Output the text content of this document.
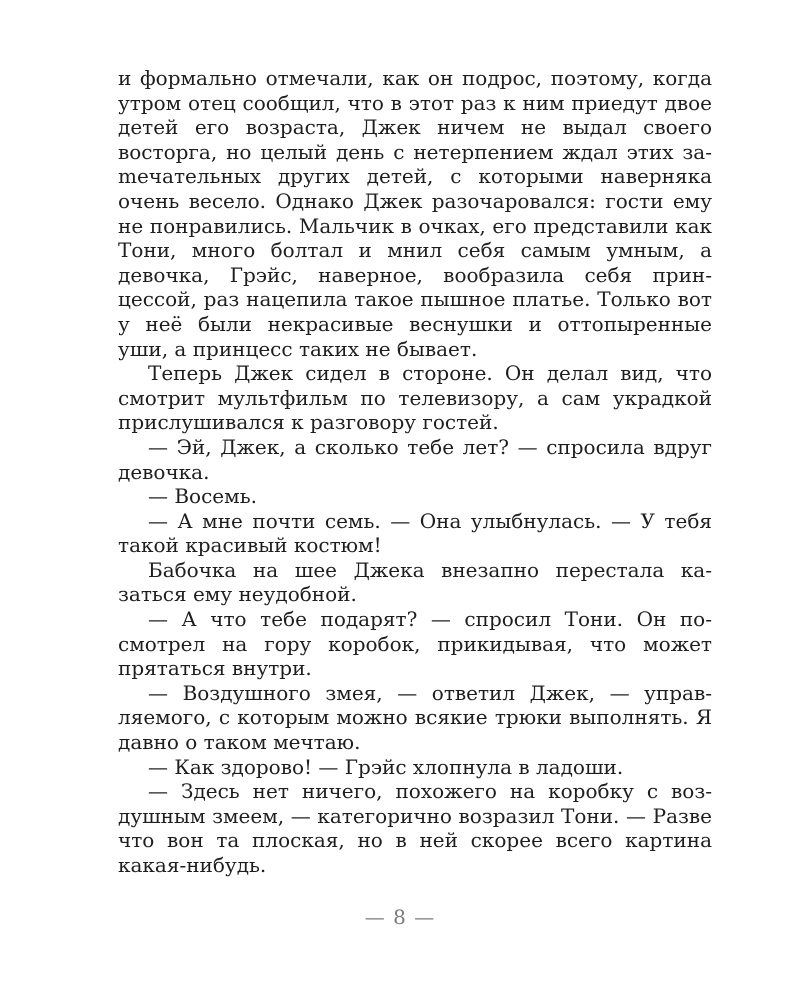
и формально отмечали, как он подрос, поэтому, когда утром отец сообщил, что в этот раз к ним приедут двое детей его возраста, Джек ничем не выдал своего восторга, но целый день с нетерпением ждал этих заmечательных других детей, с которыми наверняка очень весело. Однако Джек разочаровался: гости ему не понравились. Мальчик в очках, его представили как Тони, много болтал и мнил себя самым умным, а девочка, Грэйс, наверное, вообразила себя принцессой, раз нацепила такое пышное платье. Только вот у неё были некрасивые веснушки и оттопыренные уши, а принцесс таких не бывает.

Теперь Джек сидел в стороне. Он делал вид, что смотрит мультфильм по телевизору, а сам украдкой прислушивался к разговору гостей.

— Эй, Джек, а сколько тебе лет? — спросила вдруг девочка.

— Восемь.

— А мне почти семь. — Она улыбнулась. — У тебя такой красивый костюм!

Бабочка на шее Джека внезапно перестала казаться ему неудобной.

— А что тебе подарят? — спросил Тони. Он посмотрел на гору коробок, прикидывая, что может прятаться внутри.

— Воздушного змея, — ответил Джек, — управляемого, с которым можно всякие трюки выполнять. Я давно о таком мечтаю.

— Как здорово! — Грэйс хлопнула в ладоши.

— Здесь нет ничего, похожего на коробку с воздушным змеем, — категорично возразил Тони. — Разве что вон та плоская, но в ней скорее всего картина какая-нибудь.

— 8 —
